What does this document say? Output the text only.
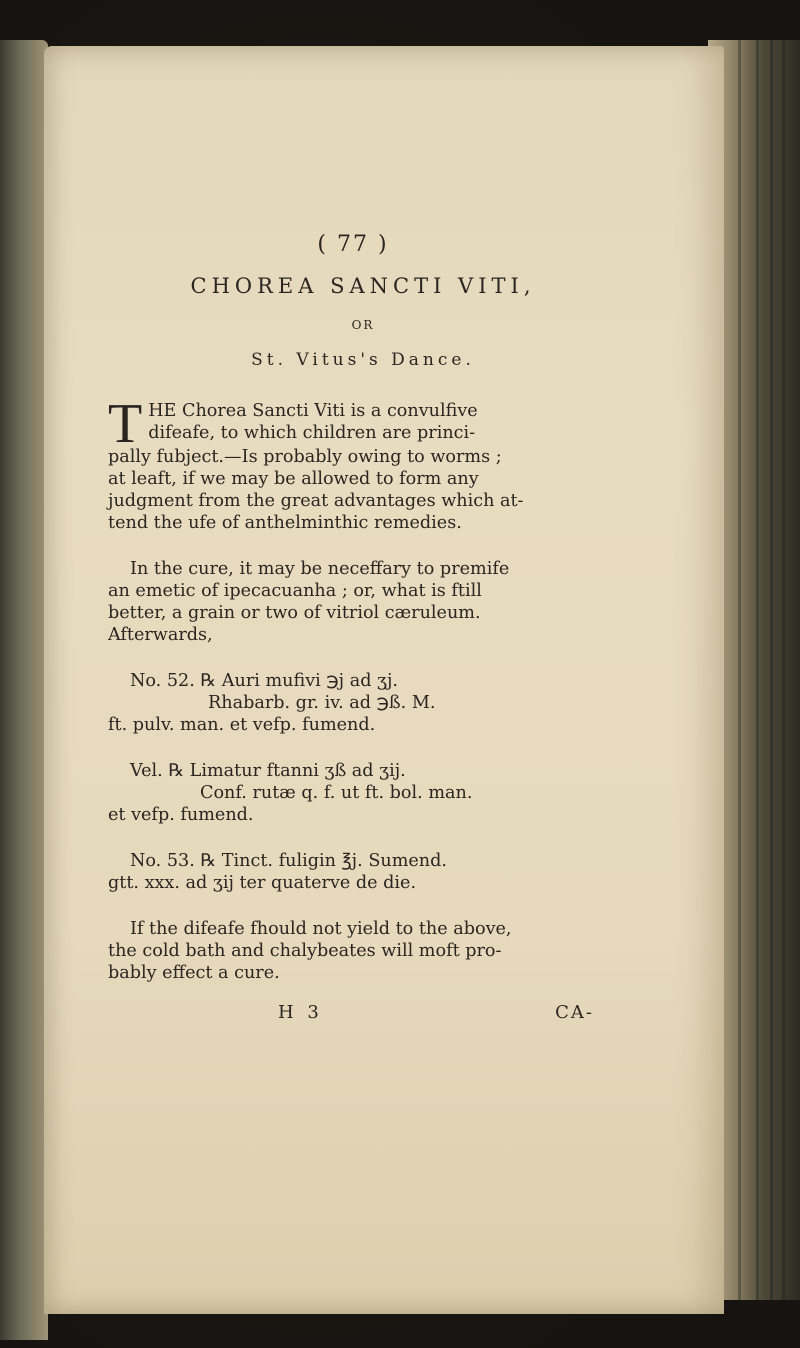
( 77 )
CHOREA SANCTI VITI,
OR
St. Vitus's Dance.
T HE Chorea Sancti Viti is a convulfive
difeafe, to which children are princi-
pally fubject.—Is probably owing to worms ;
at leaft, if we may be allowed to form any
judgment from the great advantages which at-
tend the ufe of anthelminthic remedies.
In the cure, it may be neceffary to premife
an emetic of ipecacuanha ; or, what is ftill
better, a grain or two of vitriol cæruleum.
Afterwards,
No. 52. ℞ Auri mufivi ℈j ad ʒj.
Rhabarb. gr. iv. ad ℈ß. M.
ft. pulv. man. et vefp. fumend.
Vel. ℞ Limatur ftanni ʒß ad ʒij.
Conf. rutæ q. f. ut ft. bol. man.
et vefp. fumend.
No. 53. ℞ Tinct. fuligin ℥j. Sumend.
gtt. xxx. ad ʒij ter quaterve de die.
If the difeafe fhould not yield to the above,
the cold bath and chalybeates will moft pro-
bably effect a cure.
H 3	CA-
